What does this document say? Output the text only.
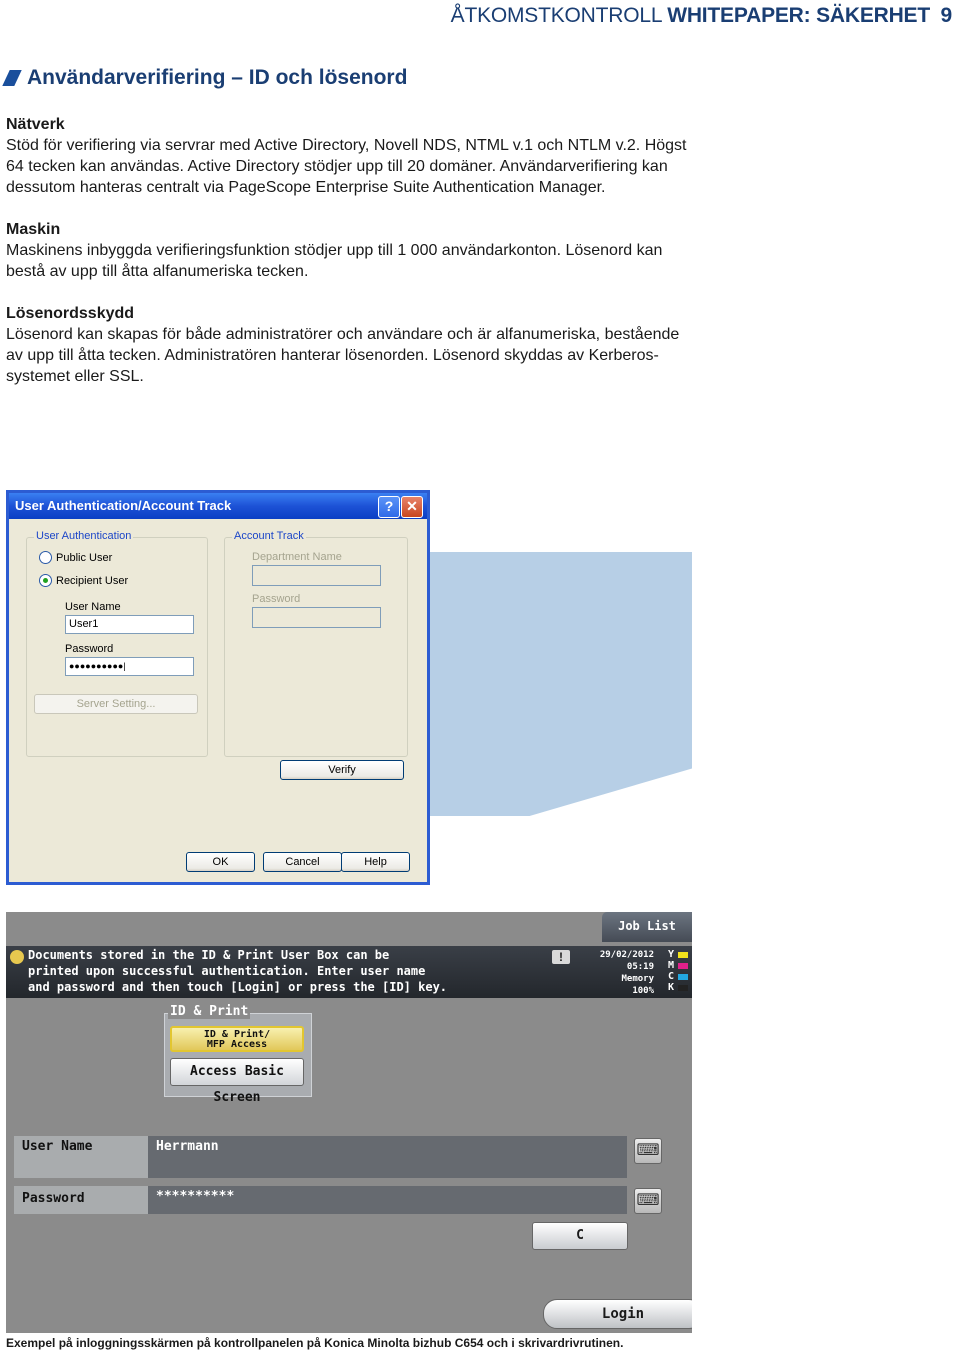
ÅTKOMSTKONTROLL WHITEPAPER: SÄKERHET 9
Användarverifiering – ID och lösenord
Nätverk

Stöd för verifiering via servrar med Active Directory, Novell NDS, NTML v.1 och NTLM v.2. Högst 64 tecken kan användas. Active Directory stödjer upp till 20 domäner. Användarverifiering kan dessutom hanteras centralt via PageScope Enterprise Suite Authentication Manager.

Maskin

Maskinens inbyggda verifieringsfunktion stödjer upp till 1 000 användarkonton. Lösenord kan bestå av upp till åtta alfanumeriska tecken.

Lösenordsskydd

Lösenord kan skapas för både administratörer och användare och är alfanumeriska, bestående av upp till åtta tecken. Administratören hanterar lösenorden. Lösenord skyddas av Kerberos-systemet eller SSL.

User Authentication/Account Track	? ✕
User Authentication
Public User
Recipient User
User Name
User1
Password
●●●●●●●●●●|
Server Setting...
Account Track
Department Name
Password
Verify
OK	Cancel	Help
Job List
Documents stored in the ID & Print User Box can be
printed upon successful authentication. Enter user name
and password and then touch [Login] or press the [ID] key.
!	29/02/2012
05:19
Memory
100%
Y
M
C
K
ID & Print
ID & Print/
MFP Access
Access Basic Screen
User Name	Herrmann	⌨
Password	**********	⌨
C
Login
Exempel på inloggningsskärmen på kontrollpanelen på Konica Minolta bizhub C654 och i skrivardrivrutinen.
